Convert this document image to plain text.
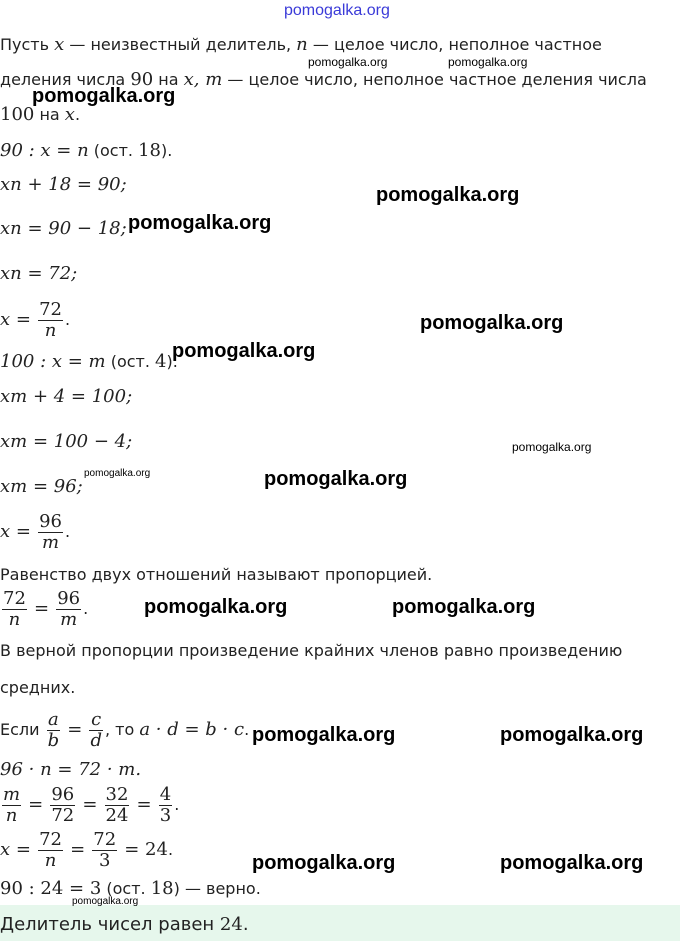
pomogalka.org
Пусть x — неизвестный делитель, n — целое число, неполное частное
деления числа 90 на x, m — целое число, неполное частное деления числа
100 на x.
90 : x = n (ост. 18).
xn + 18 = 90;
xn = 90 − 18;
xn = 72;
$x = \frac{72}{n}$ .
100 : x = m (ост. 4).
xm + 4 = 100;
xm = 100 − 4;
xm = 96;
$x = \frac{96}{m}$ .
Равенство двух отношений называют пропорцией.
$\frac{72}{n} = \frac{96}{m}$ .
В верной пропорции произведение крайних членов равно произведению
средних.
Если $\frac{a}{b} = \frac{c}{d}$ , то a · d = b · c.
96 · n = 72 · m.
$\frac{m}{n} = \frac{96}{72} = \frac{32}{24} = \frac{4}{3}$ .
$x = \frac{72}{n} = \frac{72}{3} = 24$.
90 : 24 = 3 (ост. 18) — верно.
Делитель чисел равен 24.
pomogalka.org	pomogalka.org
pomogalka.org
pomogalka.org
pomogalka.org
pomogalka.org
pomogalka.org
pomogalka.org
pomogalka.org	pomogalka.org
pomogalka.org	pomogalka.org
pomogalka.org	pomogalka.org
pomogalka.org	pomogalka.org
pomogalka.org
